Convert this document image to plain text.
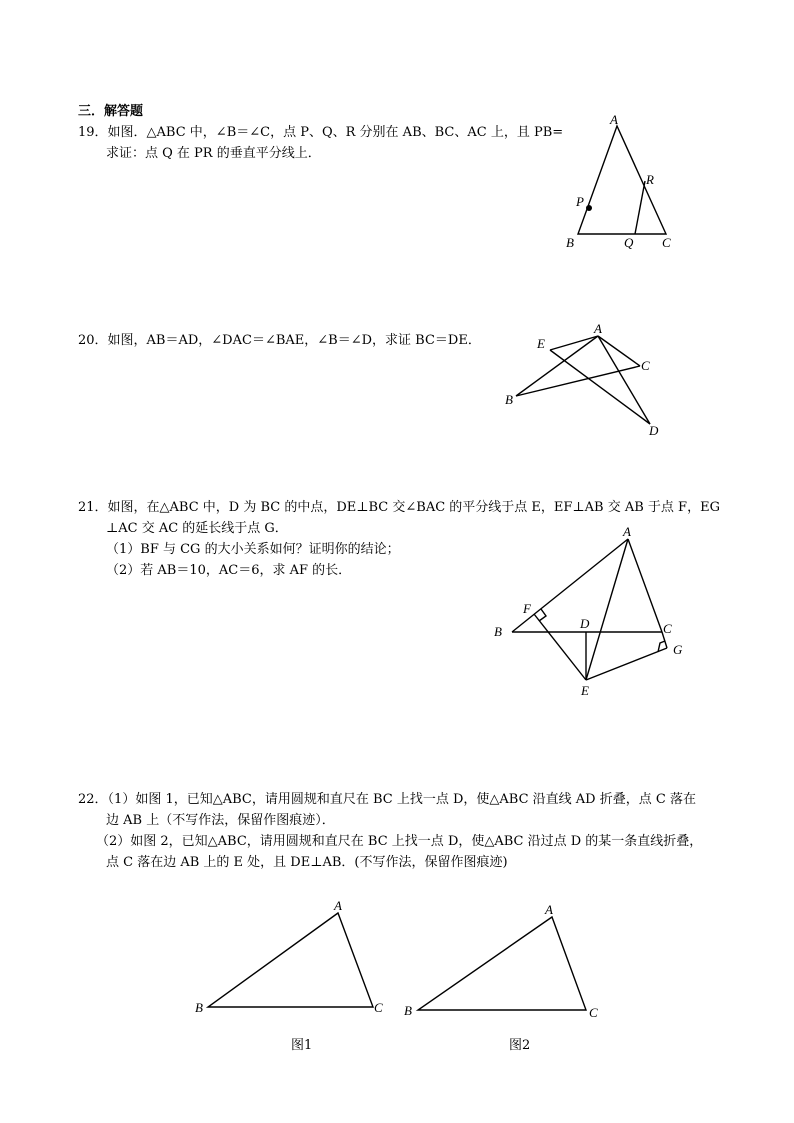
三．解答题
19．如图．△ABC 中，∠B＝∠C，点 P、Q、R 分别在 AB、BC、AC 上，且 PB=
求证：点 Q 在 PR 的垂直平分线上．
A
P
R
B	Q C
20．如图，AB＝AD，∠DAC＝∠BAE，∠B＝∠D，求证 BC＝DE．
A
E
C
B
D
21．如图，在△ABC 中，D 为 BC 的中点，DE⊥BC 交∠BAC 的平分线于点 E，EF⊥AB 交 AB 于点 F，EG
⊥AC 交 AC 的延长线于点 G．
（1）BF 与 CG 的大小关系如何？证明你的结论；
（2）若 AB＝10，AC＝6，求 AF 的长．
A
F
B
D	C
G
E
22．（1）如图 1，已知△ABC，请用圆规和直尺在 BC 上找一点 D，使△ABC 沿直线 AD 折叠，点 C 落在
边 AB 上（不写作法，保留作图痕迹）．
（2）如图 2，已知△ABC，请用圆规和直尺在 BC 上找一点 D，使△ABC 沿过点 D 的某一条直线折叠，
点 C 落在边 AB 上的 E 处，且 DE⊥AB．(不写作法，保留作图痕迹)
A
B	C
图1
A
B	C
图2
